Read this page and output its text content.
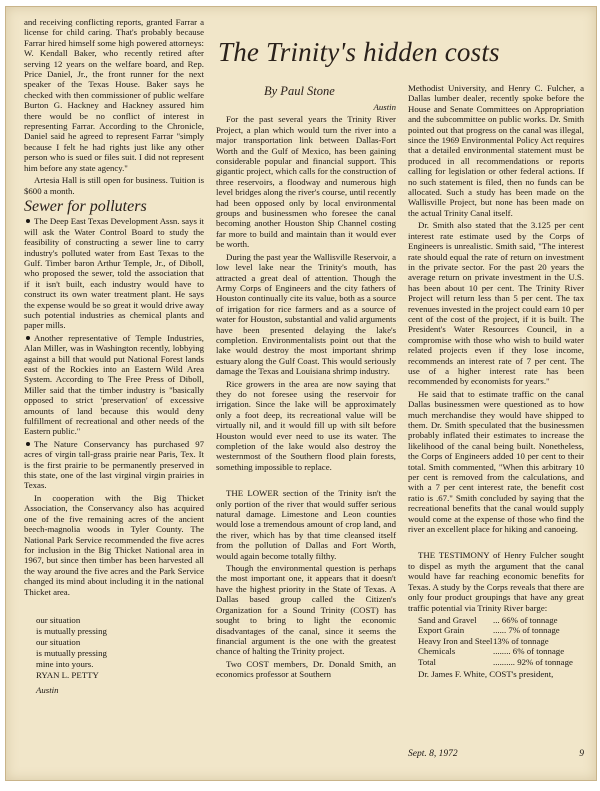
and receiving conflicting reports, granted Farrar a license for child caring. That's probably because Farrar hired himself some high powered attorneys: W. Kendall Baker, who recently retired after serving 12 years on the welfare board, and Rep. Price Daniel, Jr., the front runner for the next speaker of the Texas House. Baker says he checked with then commissioner of public welfare Burton G. Hackney and Hackney assured him there would be no conflict of interest in representing Farrar. According to the Chronicle, Daniel said he agreed to represent Farrar "simply because I felt he had rights just like any other person who is sued or files suit. I did not represent him before any state agency."

Artesia Hall is still open for business. Tuition is $600 a month.

Sewer for polluters

The Deep East Texas Development Assn. says it will ask the Water Control Board to study the feasibility of constructing a sewer line to carry industry's polluted water from East Texas to the Gulf. Timber baron Arthur Temple, Jr., of Diboll, who proposed the sewer, told the association that if it isn't built, each industry would have to construct its own water treatment plant. He says the expense would be so great it would drive away such potential industries as chemical plants and paper mills.

Another representative of Temple Industries, Alan Miller, was in Washington recently, lobbying against a bill that would put National Forest lands east of the Rockies into an Eastern Wild Area System. According to The Free Press of Diboll, Miller said that the timber industry is "basically opposed to strict 'preservation' of excessive amounts of land because this would deny fulfillment of recreational and other needs of the Eastern public."

The Nature Conservancy has purchased 97 acres of virgin tall-grass prairie near Paris, Tex. It is the first prairie to be permanently preserved in this state, one of the last virginal virgin prairies in Texas.

In cooperation with the Big Thicket Association, the Conservancy also has acquired one of the five remaining acres of the ancient beech-magnolia woods in Tyler County. The National Park Service recommended the five acres for inclusion in the Big Thicket National area in 1967, but since then timber has been harvested all the way around the five acres and the Park Service changed its mind about including it in the national Thicket area.

our situation
is mutually pressing
our situation
is mutually pressing
mine into yours.
RYAN L. PETTY
Austin
The Trinity's hidden costs
By Paul Stone

Austin

For the past several years the Trinity River Project, a plan which would turn the river into a major transportation link between Dallas-Fort Worth and the Gulf of Mexico, has been gaining considerable popular and financial support. This gigantic project, which calls for the construction of three reservoirs, a floodway and numerous high level bridges along the river's course, until recently had been opposed only by local environmental groups and businessmen who foresee the canal becoming another Houston Ship Channel costing far more to build and maintain than it would ever be worth.

During the past year the Wallisville Reservoir, a low level lake near the Trinity's mouth, has attracted a great deal of attention. Though the Army Corps of Engineers and the city fathers of Houston continually cite its value, both as a source of irrigation for rice farmers and as a source of water for Houston, substantial and valid arguments have been presented delaying the lake's completion. Environmentalists point out that the lake would destroy the most important shrimp estuary along the Gulf Coast. This would seriously damage the Texas and Louisiana shrimp industry.

Rice growers in the area are now saying that they do not foresee using the reservoir for irrigation. Since the lake will be approximately only a foot deep, its recreational value will be virtually nil, and it would fill up with silt before Houston would ever need to use its water. The completion of the lake would also destroy the westernmost of the Southern flood plain forests, something impossible to replace.

THE LOWER section of the Trinity isn't the only portion of the river that would suffer serious natural damage. Limestone and Leon counties would lose a tremendous amount of crop land, and the river, which has by that time cleansed itself from the pollution of Dallas and Fort Worth, would again become totally filthy.

Though the environmental question is perhaps the most important one, it appears that it doesn't have the highest priority in the State of Texas. A Dallas based group called the Citizen's Organization for a Sound Trinity (COST) has sought to bring to light the economic disadvantages of the canal, since it seems the financial argument is the one with the greatest chance of halting the Trinity project.

Two COST members, Dr. Donald Smith, an economics professor at Southern

Methodist University, and Henry C. Fulcher, a Dallas lumber dealer, recently spoke before the House and Senate Committees on Appropriation and the subcommittee on public works. Dr. Smith pointed out that progress on the canal was illegal, since the 1969 Environmental Policy Act requires that a detailed environmental statement must be produced in all recommendations or reports calling for legislation or other federal actions. If no such statement is filed, then no funds can be allocated. Such a study has been made on the Wallisville Project, but none has been made on the actual Trinity Canal itself.

Dr. Smith also stated that the 3.125 per cent interest rate estimate used by the Corps of Engineers is unrealistic. Smith said, "The interest rate should equal the rate of return on investment in the private sector. For the past 20 years the average return on private investment in the U.S. has been about 10 per cent. The Trinity River Project will return less than 5 per cent. The tax revenues invested in the project could earn 10 per cent of the cost of the project, if it is built. The President's Water Resources Council, in a compromise with those who wish to build water related projects even if they lose income, recommends an interest rate of 7 per cent. The use of a higher interest rate has been recommended by economists for years."

He said that to estimate traffic on the canal Dallas businessmen were questioned as to how much merchandise they would have shipped to them. Dr. Smith speculated that the businessmen probably inflated their estimates to increase the likelihood of the canal being built. Nonetheless, the Corps of Engineers added 10 per cent to their total. Smith commented, "When this arbitrary 10 per cent is removed from the calculations, and with a 7 per cent interest rate, the benefit cost ratio is .67." Smith concluded by saying that the recreational benefits that the canal would supply would come at the expense of those who find the river an excellent place for hiking and canoeing.

THE TESTIMONY of Henry Fulcher sought to dispel as myth the argument that the canal would have far reaching economic benefits for Texas. A study by the Corps reveals that there are only four product groupings that have any great traffic potential via Trinity River barge:

Sand and Gravel	... 66% of tonnage
Export Grain	...... 7% of tonnage
Heavy Iron and Steel 13% of tonnage
Chemicals	........ 6% of tonnage
Total	.......... 92% of tonnage

Dr. James F. White, COST's president,

Sept. 8, 1972	9
